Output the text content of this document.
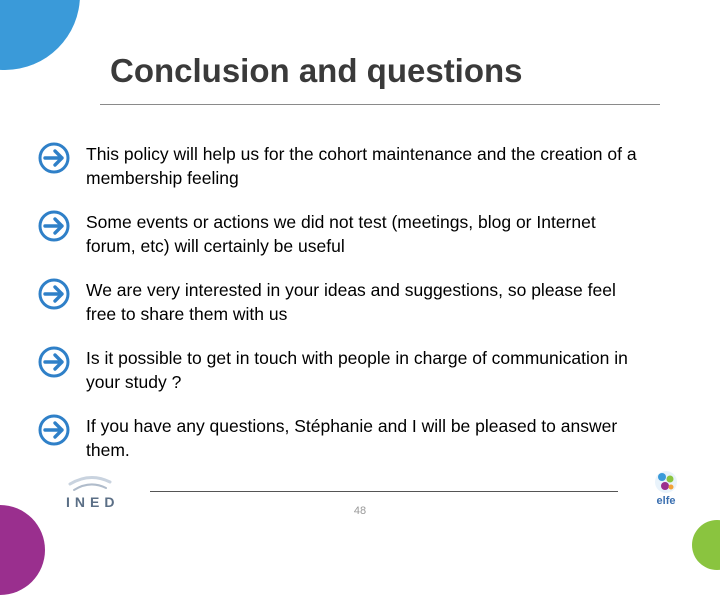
Conclusion and questions
This policy will help us for the cohort maintenance and the creation of a membership feeling
Some events or actions we did not test (meetings, blog or Internet forum, etc) will certainly be useful
We are very interested in your ideas and suggestions, so please feel free to share them with us
Is it possible to get in touch with people in charge of communication in your study ?
If you have any questions, Stéphanie and I will be pleased to answer them.
INED
48
elfe
